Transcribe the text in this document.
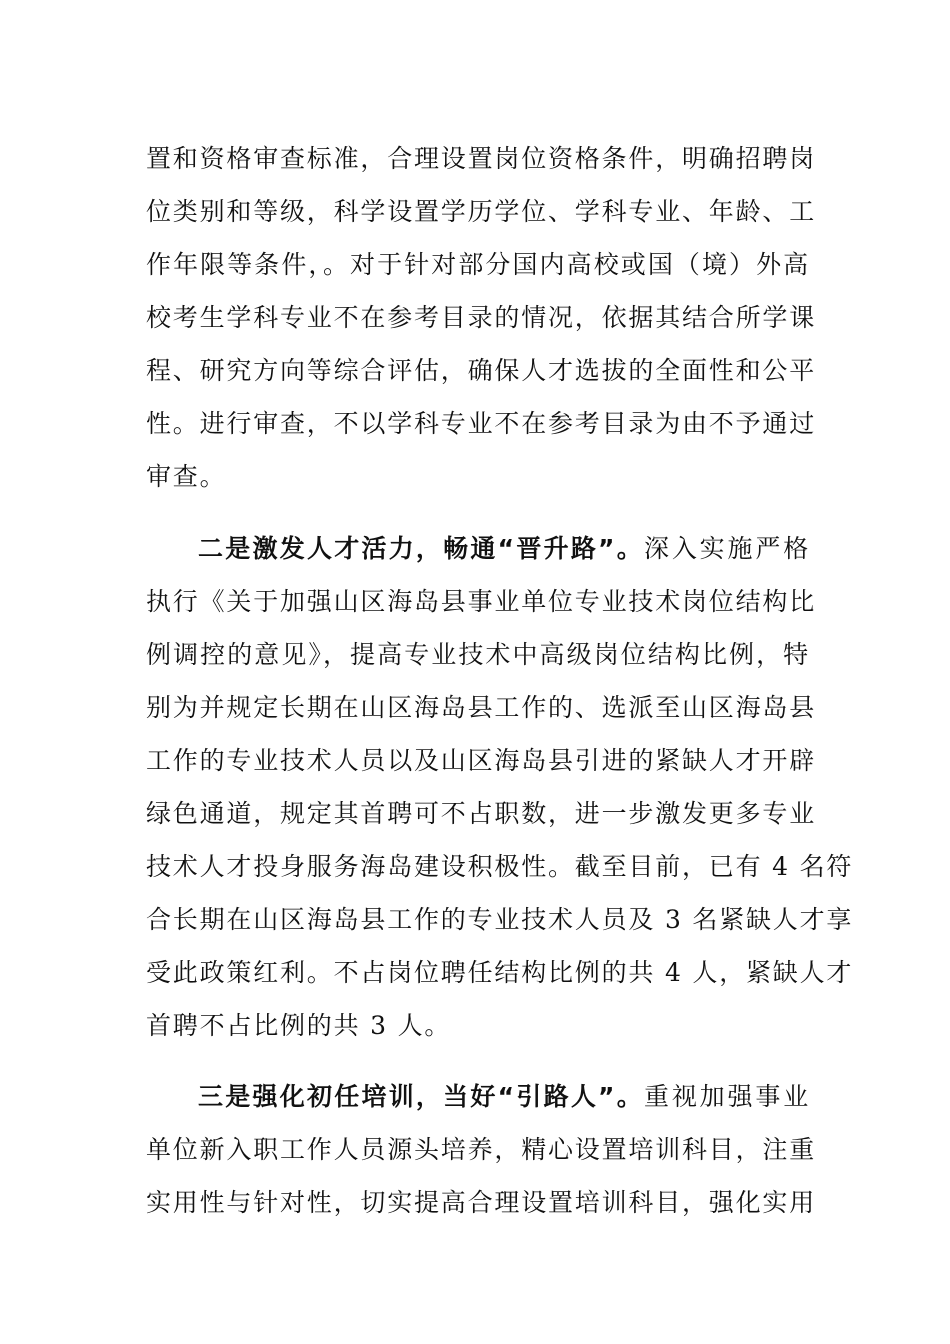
置和资格审查标准，合理设置岗位资格条件，明确招聘岗
位类别和等级，科学设置学历学位、学科专业、年龄、工
作年限等条件，。对于针对部分国内高校或国（境）外高
校考生学科专业不在参考目录的情况，依据其结合所学课
程、研究方向等综合评估，确保人才选拔的全面性和公平
性。进行审查，不以学科专业不在参考目录为由不予通过
审查。
二是激发人才活力，畅通“晋升路”。深入实施严格
执行《关于加强山区海岛县事业单位专业技术岗位结构比
例调控的意见》，提高专业技术中高级岗位结构比例，特
别为并规定长期在山区海岛县工作的、选派至山区海岛县
工作的专业技术人员以及山区海岛县引进的紧缺人才开辟
绿色通道，规定其首聘可不占职数，进一步激发更多专业
技术人才投身服务海岛建设积极性。截至目前，已有 4 名符
合长期在山区海岛县工作的专业技术人员及 3 名紧缺人才享
受此政策红利。不占岗位聘任结构比例的共 4 人，紧缺人才
首聘不占比例的共 3 人。
三是强化初任培训，当好“引路人”。重视加强事业
单位新入职工作人员源头培养，精心设置培训科目，注重
实用性与针对性，切实提高合理设置培训科目，强化实用
